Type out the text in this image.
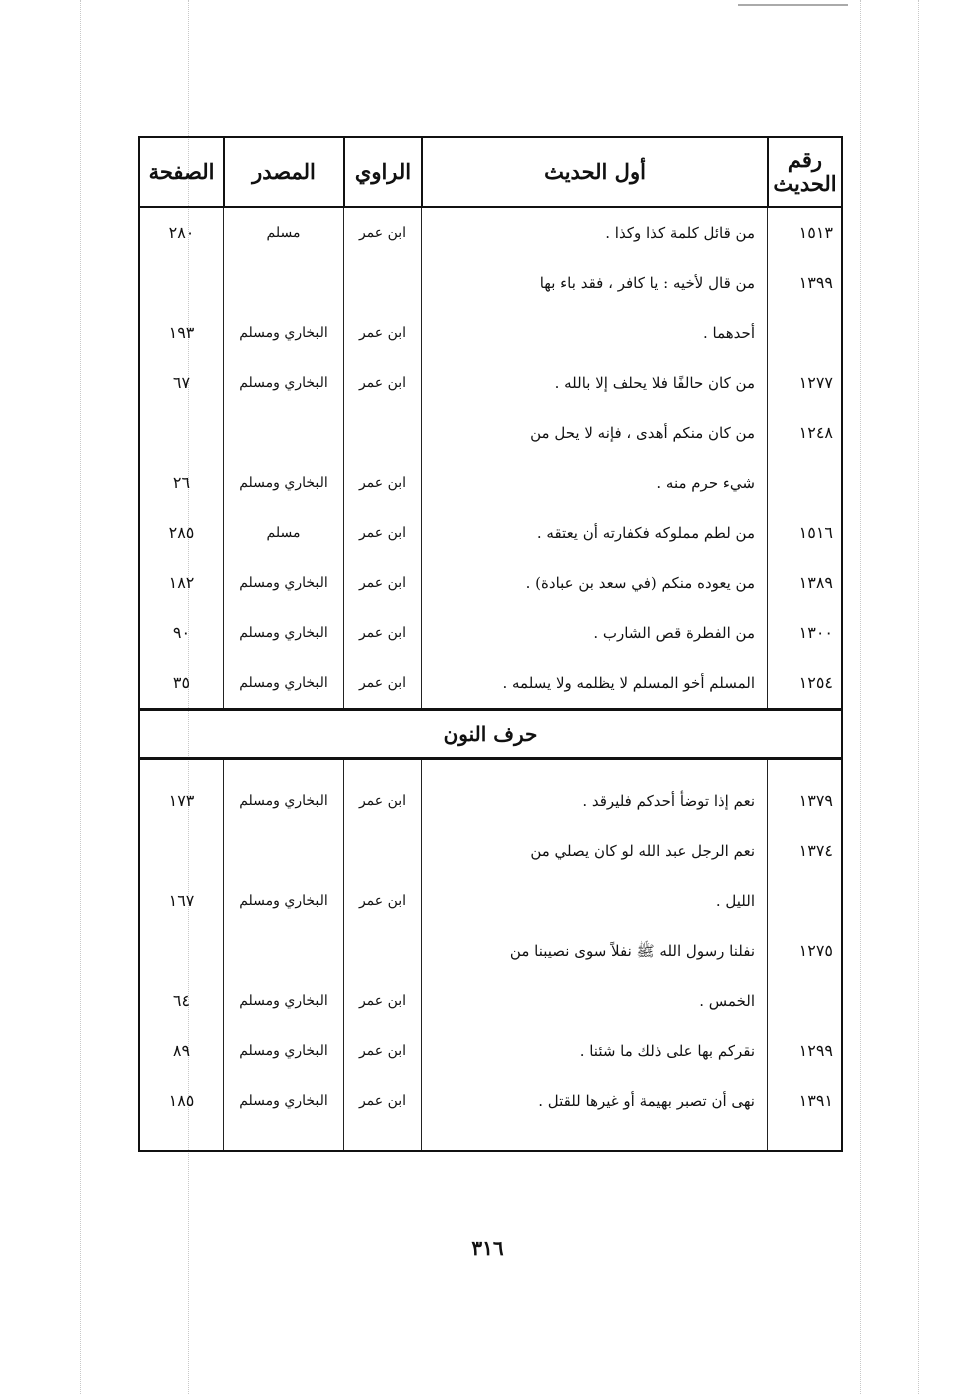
رقم الحديث
أول الحديث
الراوي
المصدر
الصفحة
١٥١٣
١٣٩٩
١٢٧٧
١٢٤٨
١٥١٦
١٣٨٩
١٣٠٠
١٢٥٤
من قائل كلمة كذا وكذا .
من قال لأخيه : يا كافر ، فقد باء بها
أحدهما .
من كان حالفًا فلا يحلف إلا بالله .
من كان منكم أهدى ، فإنه لا يحل من
شيء حرم منه .
من لطم مملوكه فكفارته أن يعتقه .
من يعوده منكم (في سعد بن عبادة) .
من الفطرة قص الشارب .
المسلم أخو المسلم لا يظلمه ولا يسلمه .
ابن عمر
ابن عمر
ابن عمر
ابن عمر
ابن عمر
ابن عمر
ابن عمر
ابن عمر
مسلم
البخاري ومسلم
البخاري ومسلم
البخاري ومسلم
مسلم
البخاري ومسلم
البخاري ومسلم
البخاري ومسلم
٢٨٠
١٩٣
٦٧
٢٦
٢٨٥
١٨٢
٩٠
٣٥
حرف النون
١٣٧٩
١٣٧٤
١٢٧٥
١٢٩٩
١٣٩١
نعم إذا توضأ أحدكم فليرقد .
نعم الرجل عبد الله لو كان يصلي من
الليل .
نفلنا رسول الله ﷺ نفلاً سوى نصيبنا من
الخمس .
نقركم بها على ذلك ما شئنا .
نهى أن تصبر بهيمة أو غيرها للقتل .
ابن عمر
ابن عمر
ابن عمر
ابن عمر
ابن عمر
البخاري ومسلم
البخاري ومسلم
البخاري ومسلم
البخاري ومسلم
البخاري ومسلم
١٧٣
١٦٧
٦٤
٨٩
١٨٥
٣١٦
